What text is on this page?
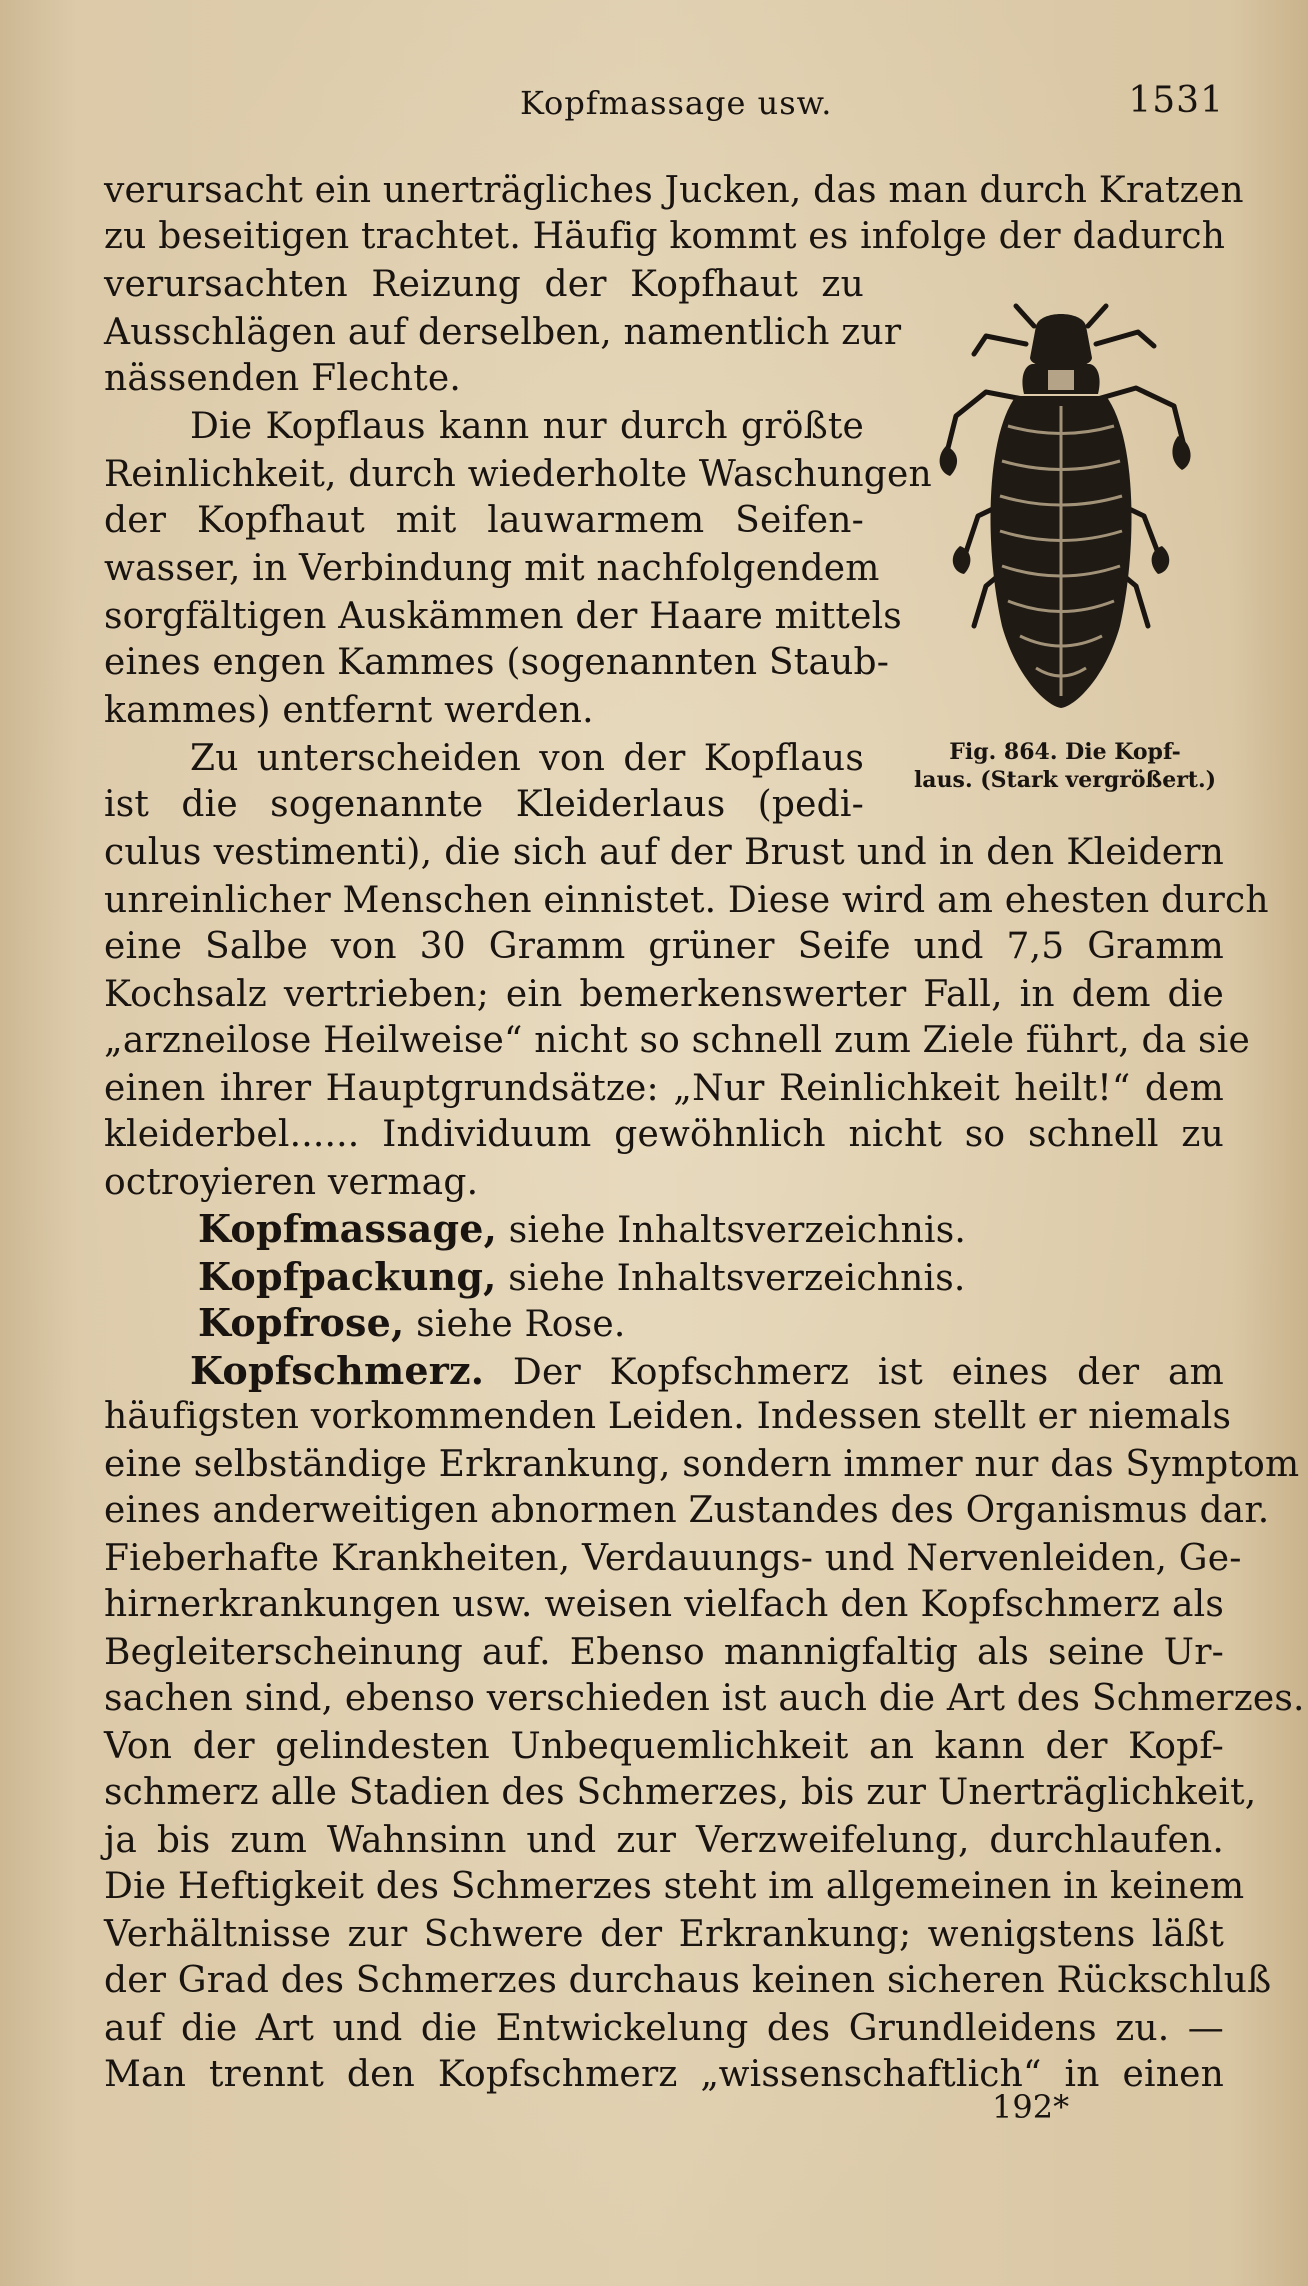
Kopfmassage usw.	1531
verursacht ein unerträgliches Jucken, das man durch Kratzen
zu beseitigen trachtet. Häufig kommt es infolge der dadurch
verursachten Reizung der Kopfhaut zu
Ausschlägen auf derselben, namentlich zur
nässenden Flechte.
Die Kopflaus kann nur durch größte
Reinlichkeit, durch wiederholte Waschungen
der Kopfhaut mit lauwarmem Seifen-
wasser, in Verbindung mit nachfolgendem
sorgfältigen Auskämmen der Haare mittels
eines engen Kammes (sogenannten Staub-
kammes) entfernt werden.
Zu unterscheiden von der Kopflaus
ist die sogenannte Kleiderlaus (pedi-
culus vestimenti), die sich auf der Brust und in den Kleidern
unreinlicher Menschen einnistet. Diese wird am ehesten durch
eine Salbe von 30 Gramm grüner Seife und 7,5 Gramm
Kochsalz vertrieben; ein bemerkenswerter Fall, in dem die
„arzneilose Heilweise“ nicht so schnell zum Ziele führt, da sie
einen ihrer Hauptgrundsätze: „Nur Reinlichkeit heilt!“ dem
kleiderbel...... Individuum gewöhnlich nicht so schnell zu
octroyieren vermag.
Kopfmassage, siehe Inhaltsverzeichnis.
Kopfpackung, siehe Inhaltsverzeichnis.
Kopfrose, siehe Rose.
Kopfschmerz. Der Kopfschmerz ist eines der am
häufigsten vorkommenden Leiden. Indessen stellt er niemals
eine selbständige Erkrankung, sondern immer nur das Symptom
eines anderweitigen abnormen Zustandes des Organismus dar.
Fieberhafte Krankheiten, Verdauungs- und Nervenleiden, Ge-
hirnerkrankungen usw. weisen vielfach den Kopfschmerz als
Begleiterscheinung auf. Ebenso mannigfaltig als seine Ur-
sachen sind, ebenso verschieden ist auch die Art des Schmerzes.
Von der gelindesten Unbequemlichkeit an kann der Kopf-
schmerz alle Stadien des Schmerzes, bis zur Unerträglichkeit,
ja bis zum Wahnsinn und zur Verzweifelung, durchlaufen.
Die Heftigkeit des Schmerzes steht im allgemeinen in keinem
Verhältnisse zur Schwere der Erkrankung; wenigstens läßt
der Grad des Schmerzes durchaus keinen sicheren Rückschluß
auf die Art und die Entwickelung des Grundleidens zu. —
Man trennt den Kopfschmerz „wissenschaftlich“ in einen
Fig. 864. Die Kopf-
laus. (Stark vergrößert.)
192*
